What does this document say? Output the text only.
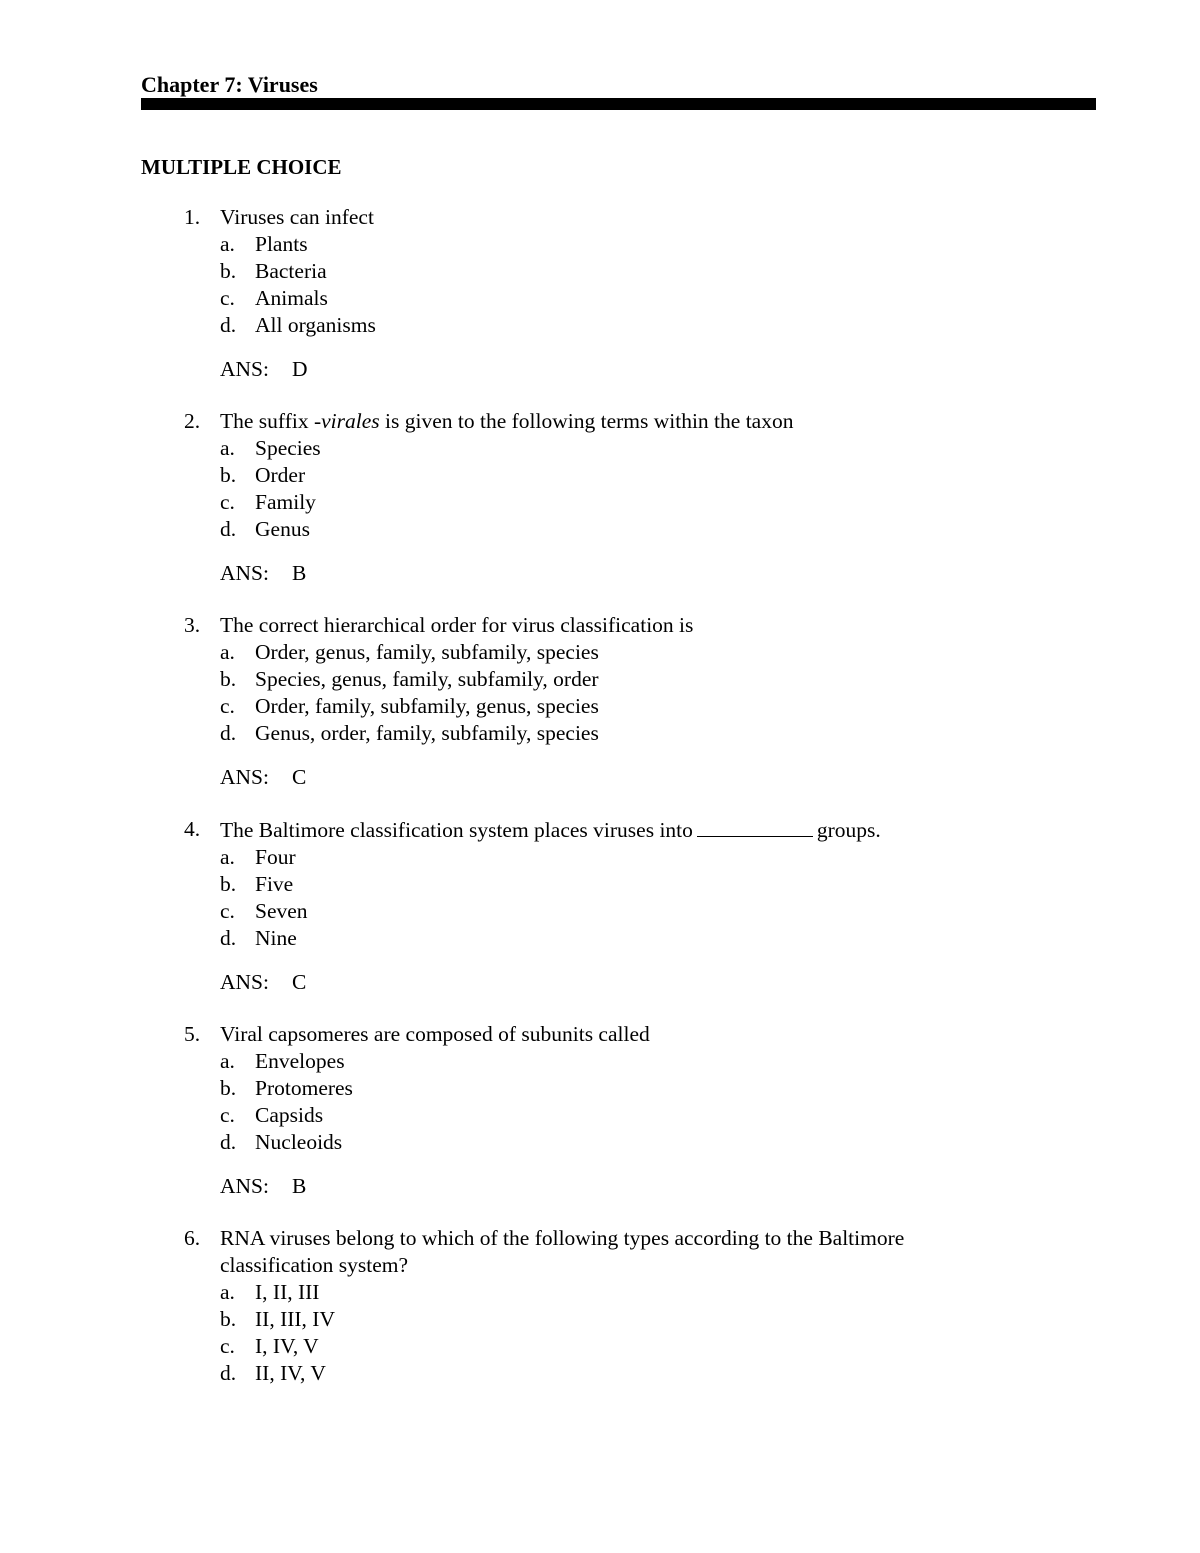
Chapter 7: Viruses
MULTIPLE CHOICE
1. Viruses can infect
a. Plants
b. Bacteria
c. Animals
d. All organisms
ANS: D
2. The suffix -virales is given to the following terms within the taxon
a. Species
b. Order
c. Family
d. Genus
ANS: B
3. The correct hierarchical order for virus classification is
a. Order, genus, family, subfamily, species
b. Species, genus, family, subfamily, order
c. Order, family, subfamily, genus, species
d. Genus, order, family, subfamily, species
ANS: C
4. The Baltimore classification system places viruses into	groups.
a. Four
b. Five
c. Seven
d. Nine
ANS: C
5. Viral capsomeres are composed of subunits called
a. Envelopes
b. Protomeres
c. Capsids
d. Nucleoids
ANS: B
6. RNA viruses belong to which of the following types according to the Baltimore classification system?
a. I, II, III
b. II, III, IV
c. I, IV, V
d. II, IV, V
